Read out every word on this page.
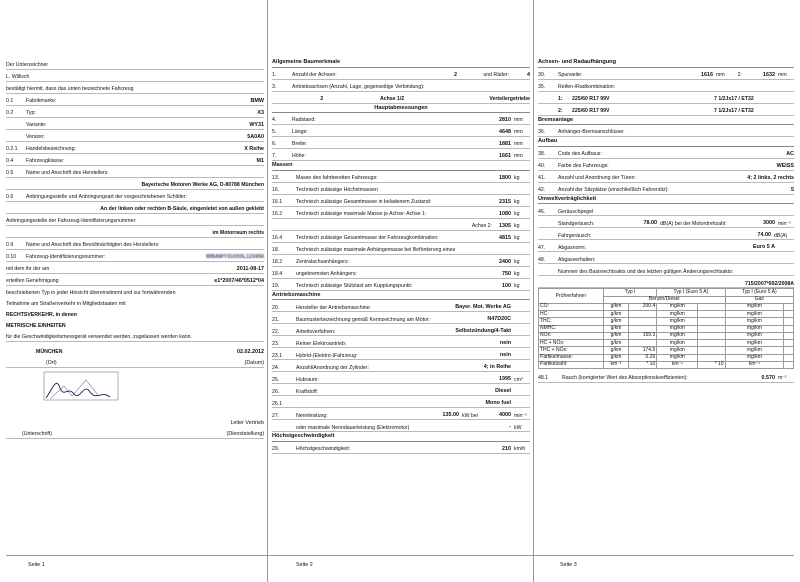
Der Unterzeichner
L. Willisch
bestätigt hiermit, dass das unten bezeichnete Fahrzeug
0.1	Fabrikmarke:	BMW
0.2	Typ:	X3
Variante:	WY31
Version:	5A0A0
0.2.1	Handelsbezeichnung:	X Reihe
0.4	Fahrzeugklasse:	M1
0.5	Name und Anschrift des Herstellers:
Bayerische Motoren Werke AG, D-80788 München
0.6	Anbringungsstelle und Anbringungsart der vorgeschriebenen Schilder:
An der linken oder rechten B-Säule, eingenietet von außen geklebt
Anbringungsstelle der Fahrzeug-Identifizierungsnummer:
im Motorraum rechts
0.9	Name und Anschrift des Bevollmächtigten des Herstellers:
0.10	Fahrzeug-Identifizierungsnummer:	WBAWY310X0L123456
mit dem ihr der am	2011-08-17
erteilten Genehmigung	e1*2007/46*0512*04
beschriebenen Typ in jeder Hinsicht übereinstimmt und zur fortwährenden
Teilnahme am Straßenverkehr in Mitgliedstaaten mit
RECHTSVERKEHR, in denen
METRISCHE EINHEITEN
für die Geschwindigkeitsmessgerät verwendet werden, zugelassen werden kann.
MÜNCHEN	02.02.2012
(Ort)	(Datum)
Leiter Vertrieb
(Unterschrift)	(Dienststellung)
Allgemeine Baumerkmale
1.	Anzahl der Achsen:	2	und Räder:	4
3.	Antriebsachsen (Anzahl, Lage, gegenseitige Verbindung):
2	Achse 1/2	Verteilergetriebe
Hauptabmessungen
4.	Radstand:	2810 mm
5.	Länge:	4648 mm
6.	Breite:	1881 mm
7.	Höhe:	1661 mm
Massen
13.	Masse des fahrbereiten Fahrzeugs:	1800 kg
16.	Technisch zulässige Höchstmassen
16.1	Technisch zulässige Gesamtmasse in beladenem Zustand:	2315 kg
16.2	Technisch zulässige maximale Masse je Achse: Achse 1:	1080 kg
Achse 2:	1305 kg
16.4	Technisch zulässige Gesamtmasse der Fahrzeugkombination:	4815 kg
18.	Technisch zulässige maximale Anhängemasse bei Beförderung eines
18.2	Zentralachsanhängers:	2400 kg
18.4	ungebremsten Anhängers:	750 kg
19.	Technisch zulässige Stützlast am Kupplungspunkt:	100 kg
Antriebsmaschine
20.	Hersteller der Antriebsmaschine:	Bayer. Mot. Werke AG
21.	Baumusterbezeichnung gemäß Kennzeichnung am Motor:	N47D20C
22.	Arbeitsverfahren:	Selbstzündung/4-Takt
23.	Reiner Elektroantrieb:	nein
23.1	Hybrid-(Elektro-)Fahrzeug:	nein
24.	Anzahl/Anordnung der Zylinder:	4; in Reihe
25.	Hubraum:	1995 cm³
26.	Kraftstoff:	Diesel
26.1	Mono fuel
27.	Nennleistung:	135.00 kW bei	4000 min⁻¹
oder maximale Nenndauerleistung (Elektromotor)	- kW
Höchstgeschwindigkeit
29.	Höchstgeschwindigkeit:	210 km/h
Achsen- und Radaufhängung
30.	Spurweite:	1616 mm	2:	1632 mm
35.	Reifen-/Radkombination:
1:	225/60 R17 99V	7 1/2Jx17 / ET32
2:	225/60 R17 99V	7 1/2Jx17 / ET32
Bremsanlage
36.	Anhänger-Bremsanschlüsse:
Aufbau
38.	Code des Aufbaus:	AC
40.	Farbe des Fahrzeugs:	WEISS
41.	Anzahl und Anordnung der Türen:	4; 2 links, 2 rechts
42.	Anzahl der Sitzplätze (einschließlich Fahrersitz):	5
Umweltverträglichkeit
46.	Geräuschpegel
Standgeräusch:	78.00 dB(A) bei der Motordrehzahl:	3000 min⁻¹
Fahrgeräusch:	74.00 dB(A)
47.	Abgasnorm:	Euro 5 A
48.	Abgasverhalten:
Nummer des Basisrechtsakts und des letzten gültigen Änderungsrechtsakts:
715/2007*692/2008A
Prüfverfahren	Typ I		Typ I (Euro 5 A)		Typ I (Euro 5 A)	
	Benzin/Diesel				Gas	
CO:	g/km	200.4	mg/km		mg/km	
HC:	g/km		mg/km		mg/km	
THC:	g/km		mg/km		mg/km	
NMHC:	g/km		mg/km		mg/km	
NOx:	g/km	159.3	mg/km		mg/km	
HC + NOx:	g/km		mg/km		mg/km	
THC + NOx:	g/km	174.5	mg/km		mg/km	
Partikelmasse:	g/km	0.26	mg/km		mg/km	
Partikelzahl:	km⁻¹	* 10	km⁻¹	* 10	km⁻¹	
48.1	Rauch (korrigierter Wert des Absorptionskoeffizienten):	0.570 m⁻¹
Seite 1	Seite 2	Seite 3
